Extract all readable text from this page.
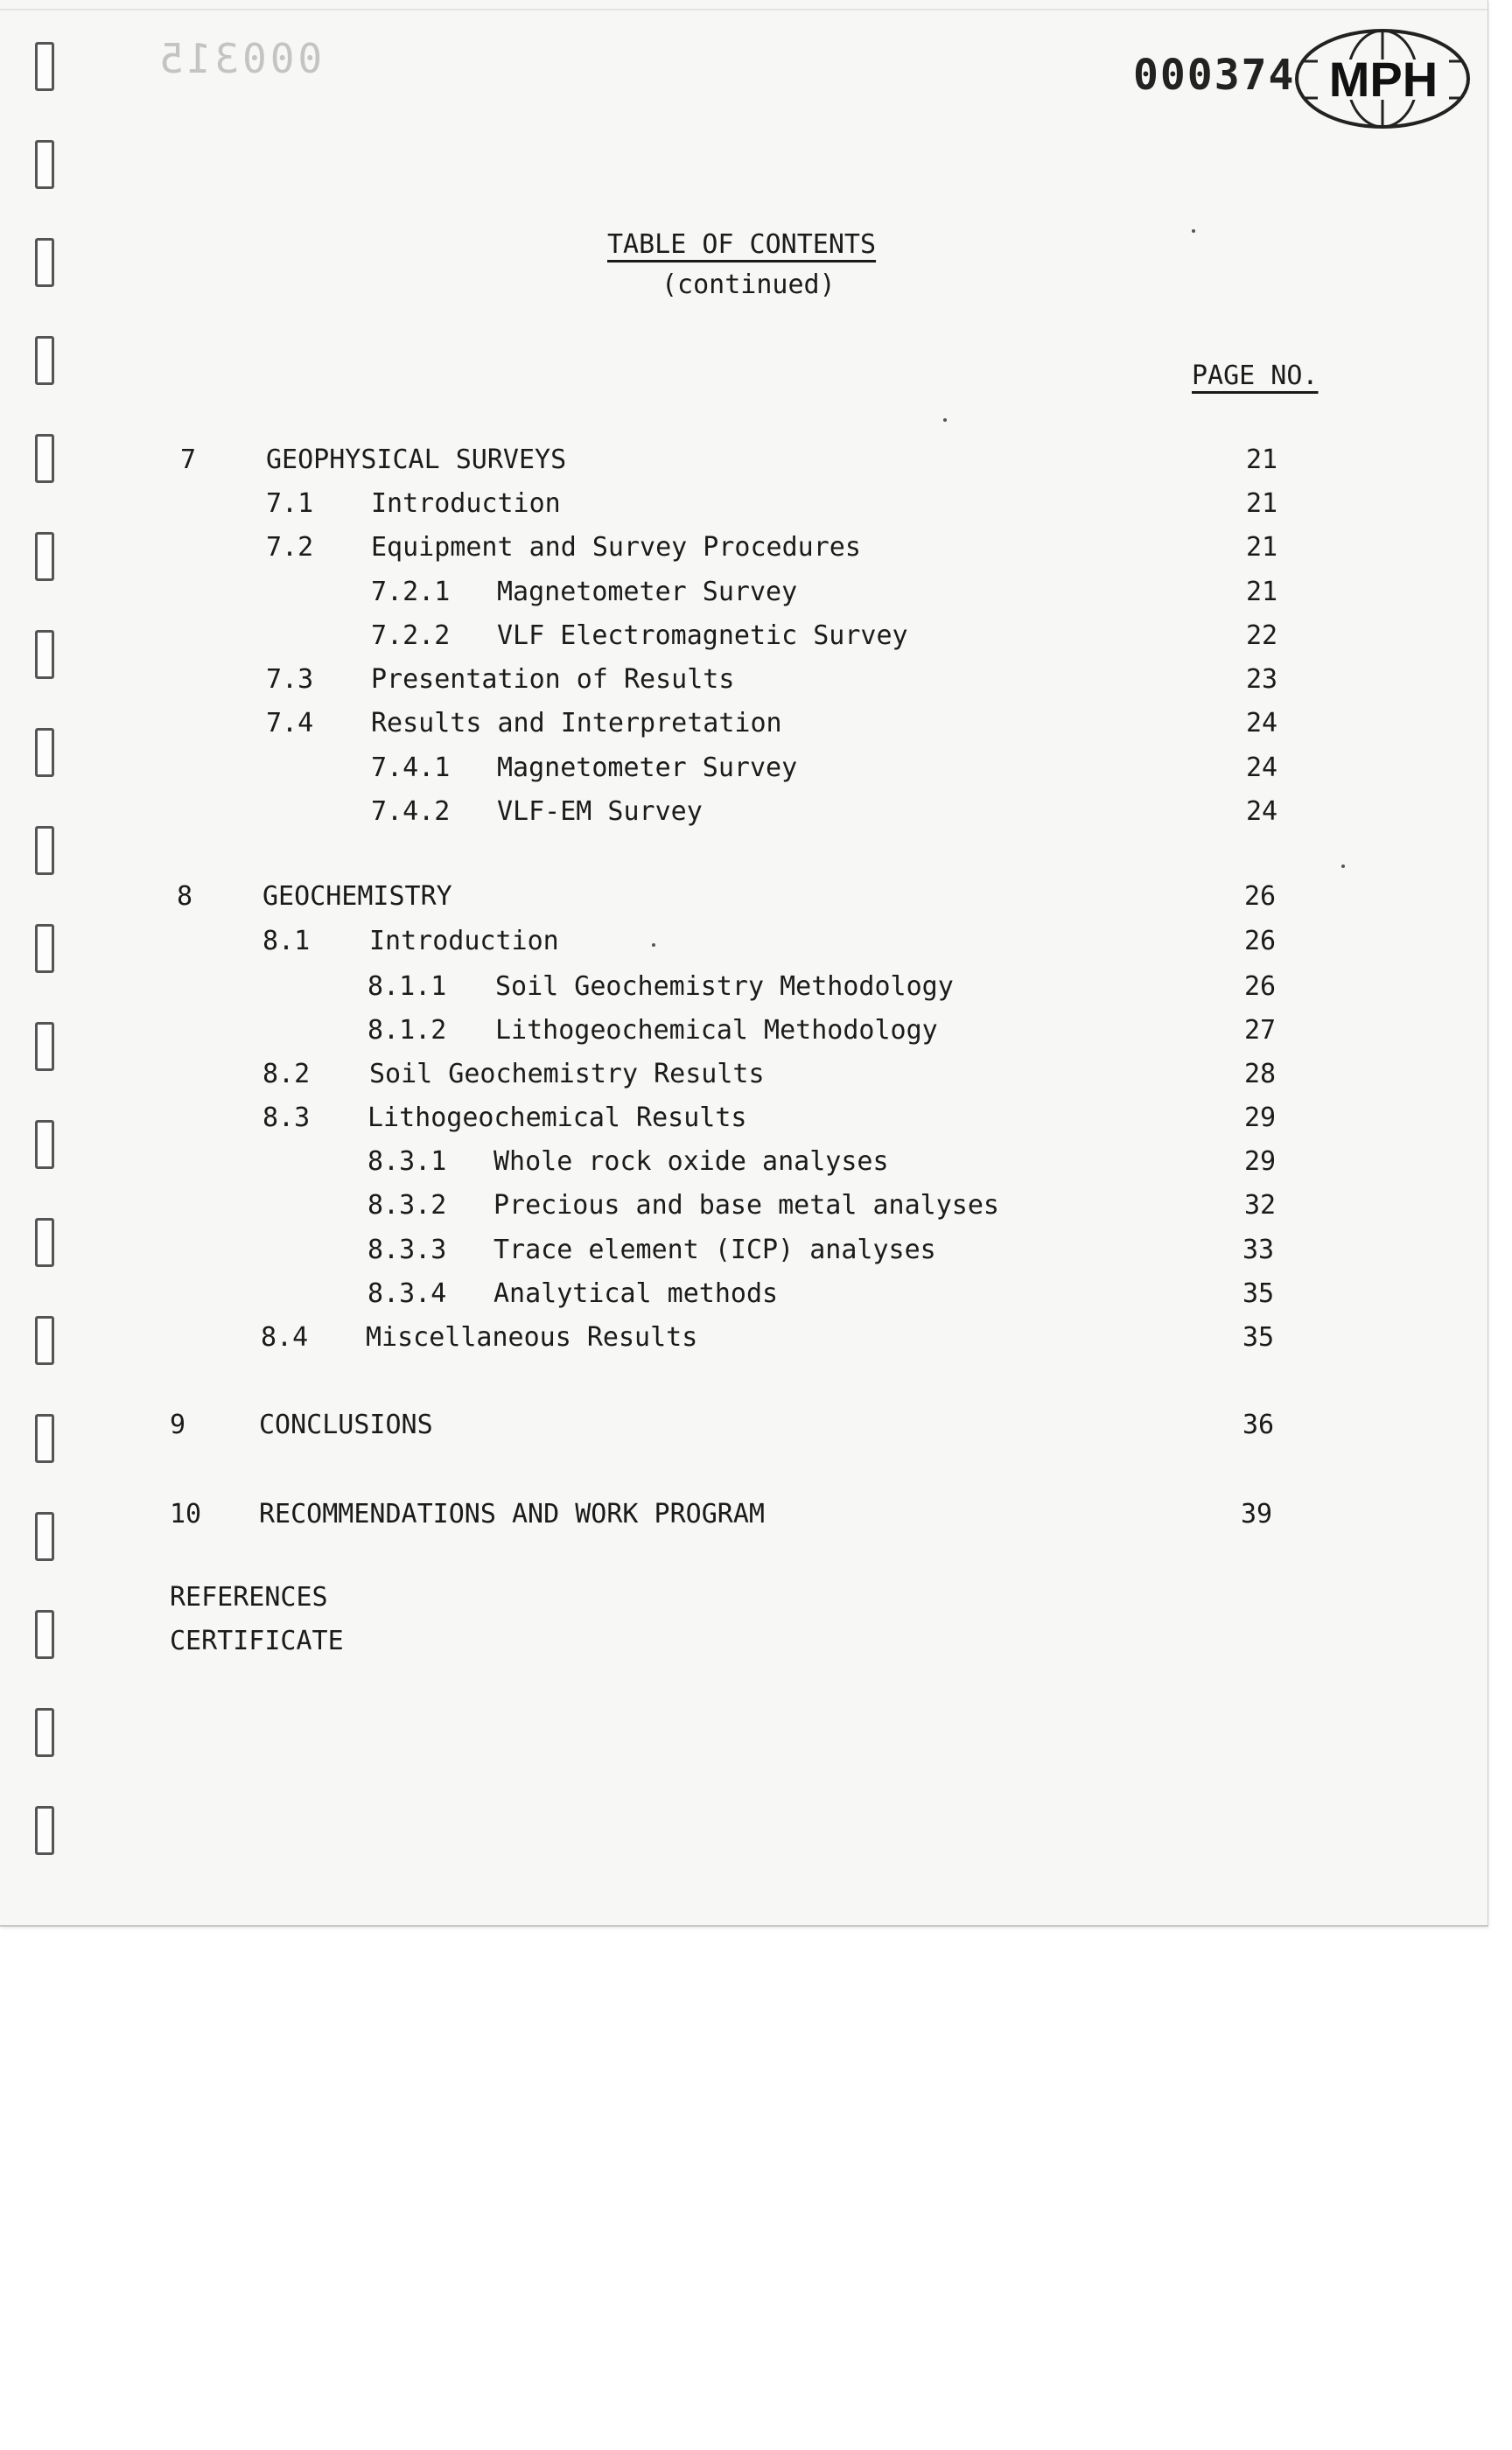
000315	000374 MPH
TABLE OF CONTENTS
(continued)
PAGE NO.
7	GEOPHYSICAL SURVEYS	21
7.1 Introduction	21
7.2 Equipment and Survey Procedures	21
7.2.1 Magnetometer Survey	21
7.2.2 VLF Electromagnetic Survey	22
7.3 Presentation of Results	23
7.4 Results and Interpretation	24
7.4.1 Magnetometer Survey	24
7.4.2 VLF-EM Survey	24
8	GEOCHEMISTRY	26
8.1 Introduction	26
8.1.1 Soil Geochemistry Methodology	26
8.1.2 Lithogeochemical Methodology	27
8.2 Soil Geochemistry Results	28
8.3 Lithogeochemical Results	29
8.3.1 Whole rock oxide analyses	29
8.3.2 Precious and base metal analyses	32
8.3.3 Trace element (ICP) analyses	33
8.3.4 Analytical methods	35
8.4 Miscellaneous Results	35
9	CONCLUSIONS	36
10 RECOMMENDATIONS AND WORK PROGRAM	39
REFERENCES
CERTIFICATE
